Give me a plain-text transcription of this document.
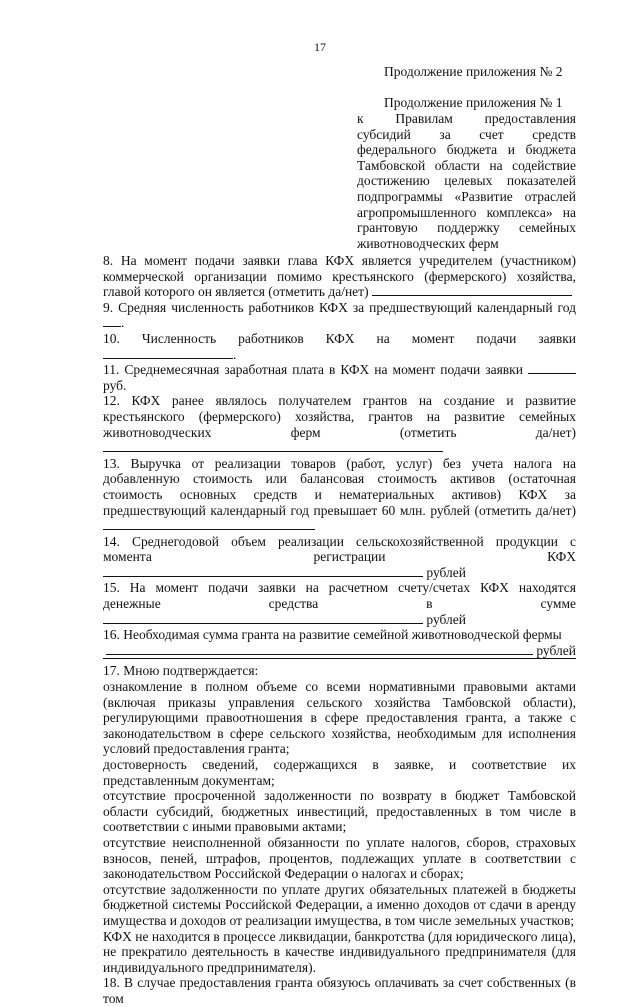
17
Продолжение приложения № 2
Продолжение приложения № 1
к Правилам предоставления субсидий за счет средств федерального бюджета и бюджета Тамбовской области на содействие достижению целевых показателей подпрограммы «Развитие отраслей агропромышленного комплекса» на грантовую поддержку семейных животноводческих ферм

8. На момент подачи заявки глава КФХ является учредителем (участником) коммерческой организации помимо крестьянского (фермерского) хозяйства, главой которого он является (отметить да/нет)

9. Средняя численность работников КФХ за предшествующий календарный год .

10. Численность работников КФХ на момент подачи заявки .

11. Среднемесячная заработная плата в КФХ на момент подачи заявки  руб.

12. КФХ ранее являлось получателем грантов на создание и развитие крестьянского (фермерского) хозяйства, грантов на развитие семейных животноводческих ферм (отметить да/нет)

13. Выручка от реализации товаров (работ, услуг) без учета налога на добавленную стоимость или балансовая стоимость активов (остаточная стоимость основных средств и нематериальных активов) КФХ за предшествующий календарный год превышает 60 млн. рублей (отметить да/нет)

14. Среднегодовой объем реализации сельскохозяйственной продукции с момента регистрации КФХ  рублей

15. На момент подачи заявки на расчетном счету/счетах КФХ находятся денежные средства в сумме  рублей

16. Необходимая сумма гранта на развитие семейной животноводческой фермы

рублей

17. Мною подтверждается:

ознакомление в полном объеме со всеми нормативными правовыми актами (включая приказы управления сельского хозяйства Тамбовской области), регулирующими правоотношения в сфере предоставления гранта, а также с законодательством в сфере сельского хозяйства, необходимым для исполнения условий предоставления гранта;

достоверность сведений, содержащихся в заявке, и соответствие их представленным документам;

отсутствие просроченной задолженности по возврату в бюджет Тамбовской области субсидий, бюджетных инвестиций, предоставленных в том числе в соответствии с иными правовыми актами;

отсутствие неисполненной обязанности по уплате налогов, сборов, страховых взносов, пеней, штрафов, процентов, подлежащих уплате в соответствии с законодательством Российской Федерации о налогах и сборах;

отсутствие задолженности по уплате других обязательных платежей в бюджеты бюджетной системы Российской Федерации, а именно доходов от сдачи в аренду имущества и доходов от реализации имущества, в том числе земельных участков;

КФХ не находится в процессе ликвидации, банкротства (для юридического лица), не прекратило деятельность в качестве индивидуального предпринимателя (для индивидуального предпринимателя).

18. В случае предоставления гранта обязуюсь оплачивать за счет собственных (в том
